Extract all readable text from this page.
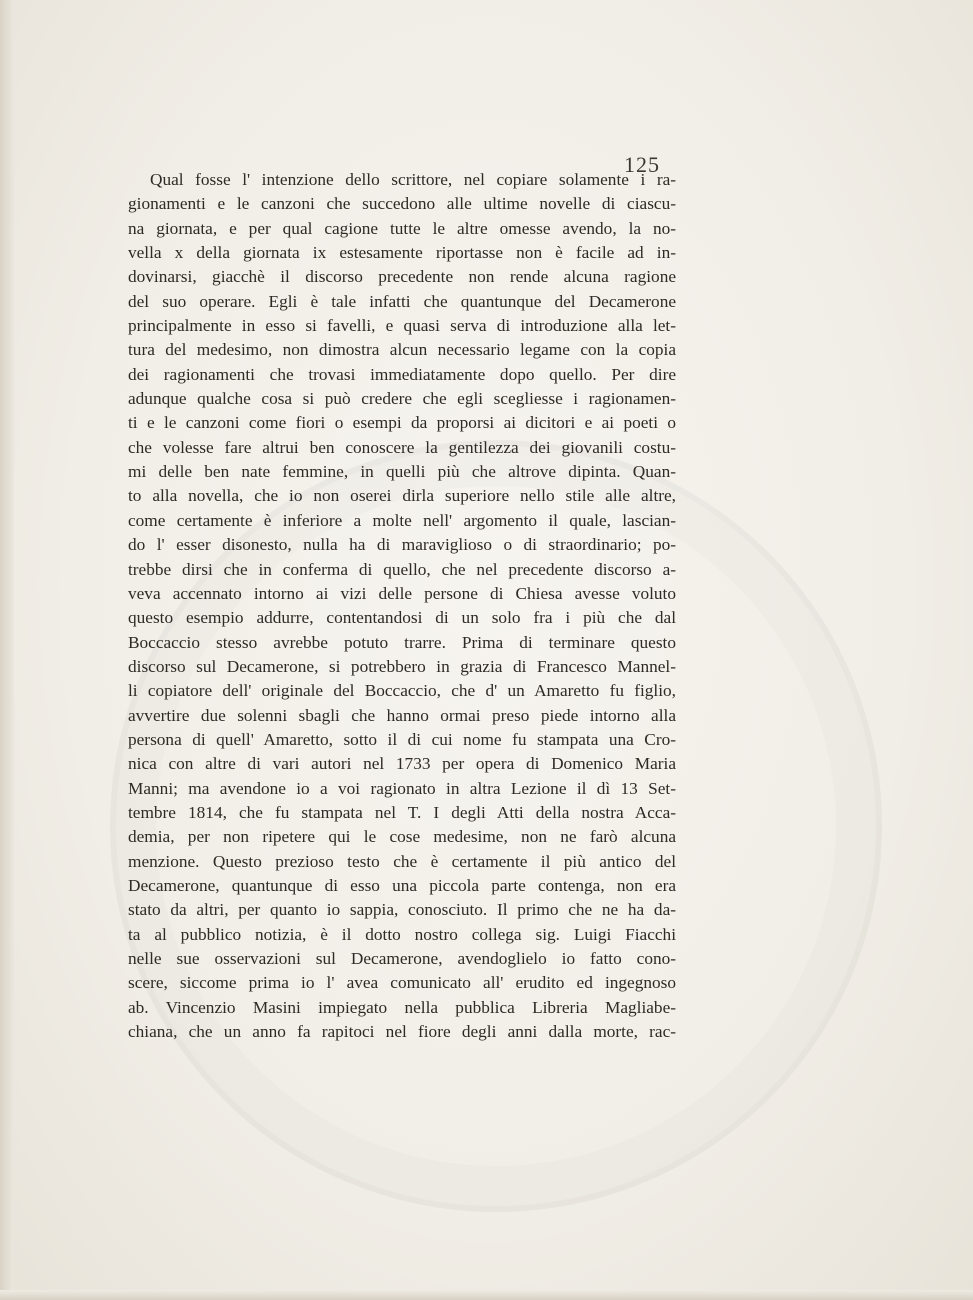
125
Qual fosse l' intenzione dello scrittore, nel copiare solamente i ra-
gionamenti e le canzoni che succedono alle ultime novelle di ciascu-
na giornata, e per qual cagione tutte le altre omesse avendo, la no-
vella x della giornata ix estesamente riportasse non è facile ad in-
dovinarsi, giacchè il discorso precedente non rende alcuna ragione
del suo operare. Egli è tale infatti che quantunque del Decamerone
principalmente in esso si favelli, e quasi serva di introduzione alla let-
tura del medesimo, non dimostra alcun necessario legame con la copia
dei ragionamenti che trovasi immediatamente dopo quello. Per dire
adunque qualche cosa si può credere che egli scegliesse i ragionamen-
ti e le canzoni come fiori o esempi da proporsi ai dicitori e ai poeti o
che volesse fare altrui ben conoscere la gentilezza dei giovanili costu-
mi delle ben nate femmine, in quelli più che altrove dipinta. Quan-
to alla novella, che io non oserei dirla superiore nello stile alle altre,
come certamente è inferiore a molte nell' argomento il quale, lascian-
do l' esser disonesto, nulla ha di maraviglioso o di straordinario; po-
trebbe dirsi che in conferma di quello, che nel precedente discorso a-
veva accennato intorno ai vizi delle persone di Chiesa avesse voluto
questo esempio addurre, contentandosi di un solo fra i più che dal
Boccaccio stesso avrebbe potuto trarre. Prima di terminare questo
discorso sul Decamerone, si potrebbero in grazia di Francesco Mannel-
li copiatore dell' originale del Boccaccio, che d' un Amaretto fu figlio,
avvertire due solenni sbagli che hanno ormai preso piede intorno alla
persona di quell' Amaretto, sotto il di cui nome fu stampata una Cro-
nica con altre di vari autori nel 1733 per opera di Domenico Maria
Manni; ma avendone io a voi ragionato in altra Lezione il dì 13 Set-
tembre 1814, che fu stampata nel T. I degli Atti della nostra Acca-
demia, per non ripetere qui le cose medesime, non ne farò alcuna
menzione. Questo prezioso testo che è certamente il più antico del
Decamerone, quantunque di esso una piccola parte contenga, non era
stato da altri, per quanto io sappia, conosciuto. Il primo che ne ha da-
ta al pubblico notizia, è il dotto nostro collega sig. Luigi Fiacchi
nelle sue osservazioni sul Decamerone, avendoglielo io fatto cono-
scere, siccome prima io l' avea comunicato all' erudito ed ingegnoso
ab. Vincenzio Masini impiegato nella pubblica Libreria Magliabe-
chiana, che un anno fa rapitoci nel fiore degli anni dalla morte, rac-
